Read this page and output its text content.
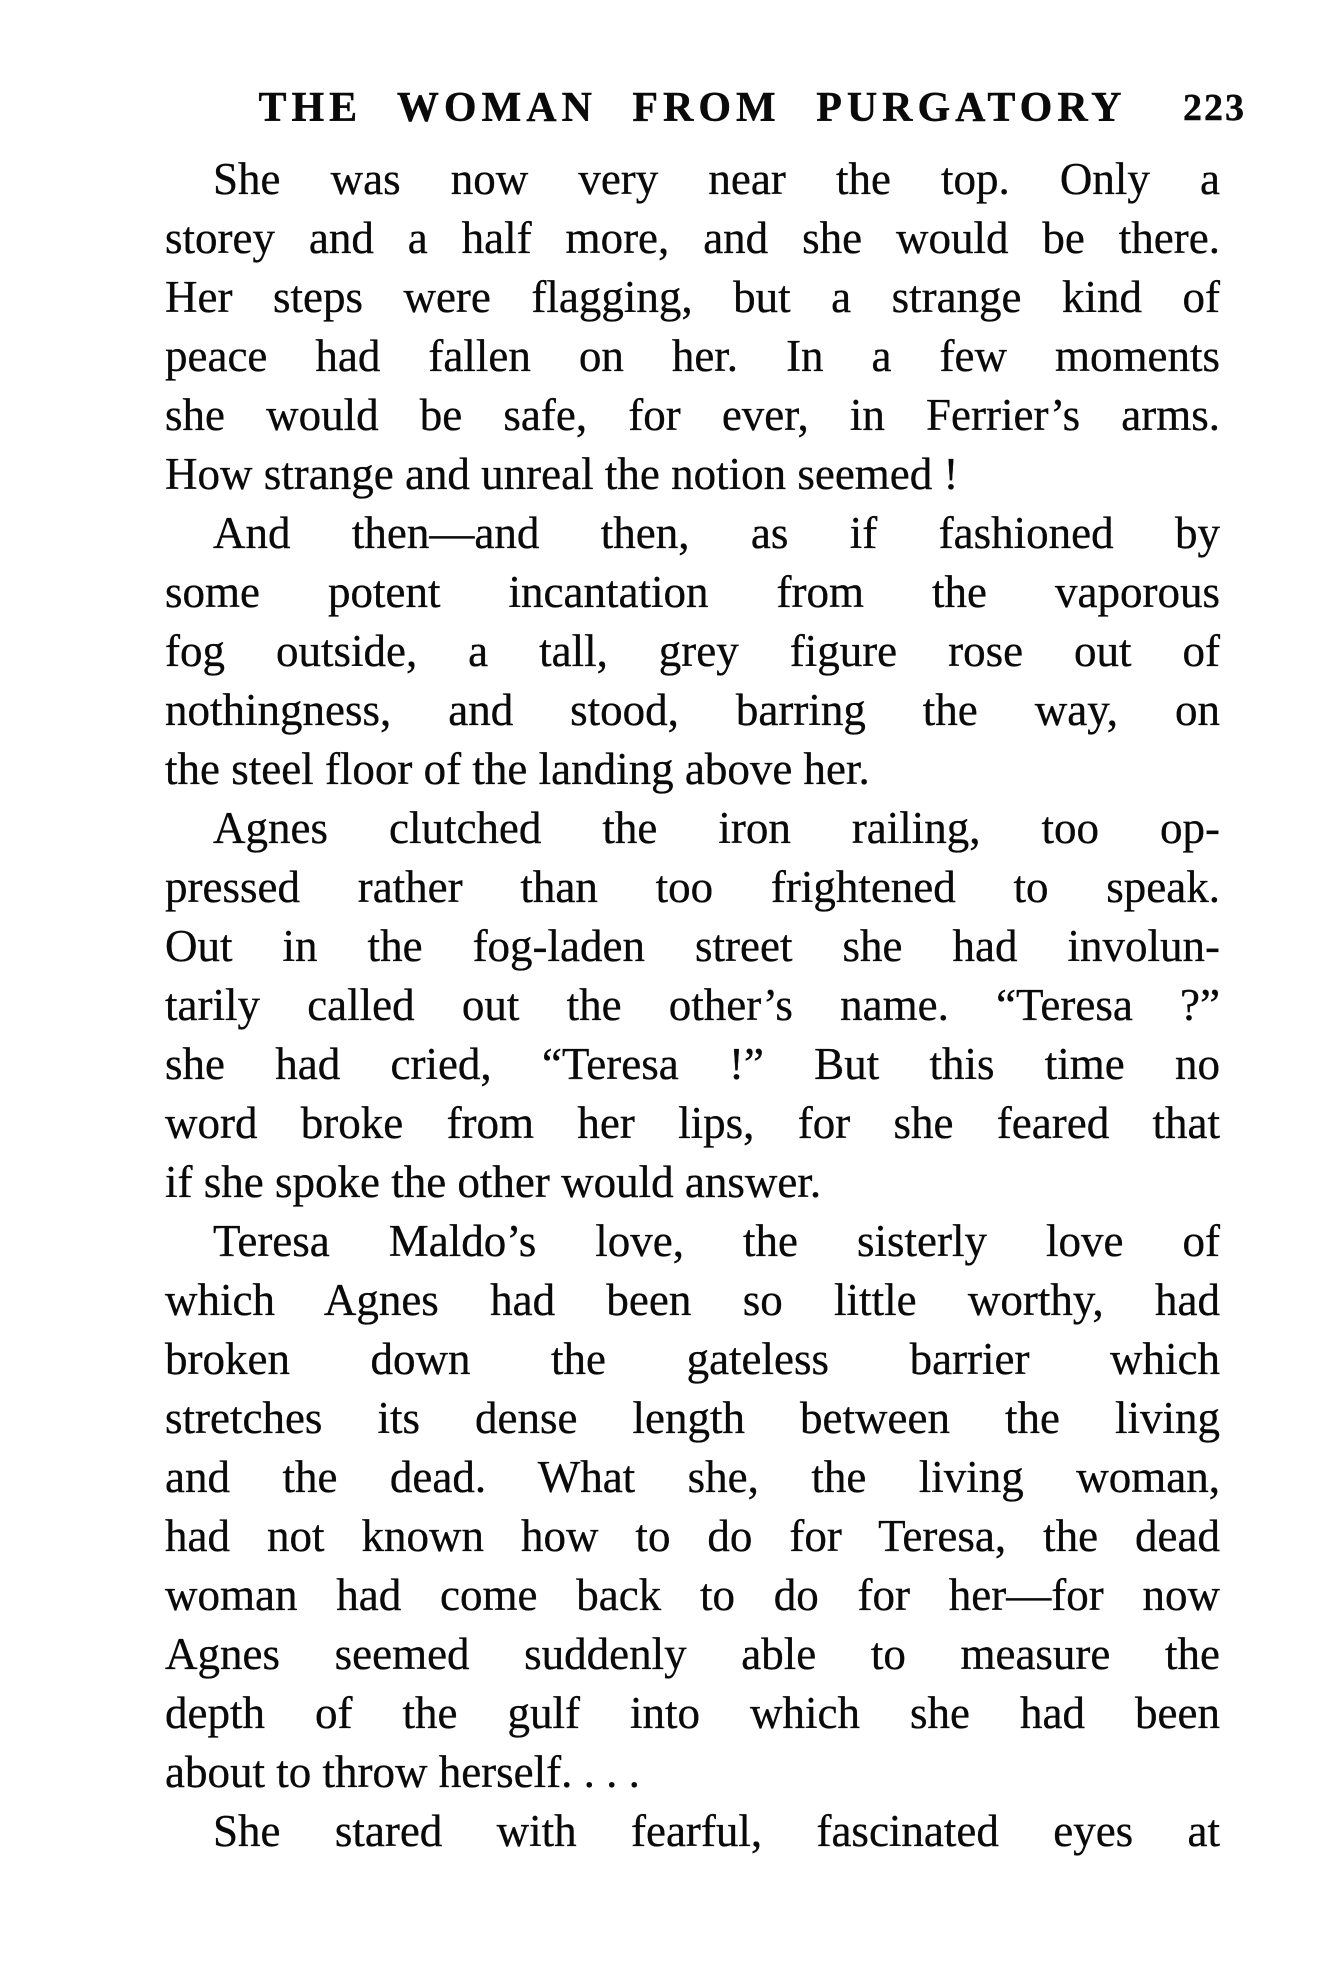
THE WOMAN FROM PURGATORY 223
She was now very near the top. Only a
storey and a half more, and she would be there.
Her steps were flagging, but a strange kind of
peace had fallen on her. In a few moments
she would be safe, for ever, in Ferrier’s arms.
How strange and unreal the notion seemed !
And then—and then, as if fashioned by
some potent incantation from the vaporous
fog outside, a tall, grey figure rose out of
nothingness, and stood, barring the way, on
the steel floor of the landing above her.
Agnes clutched the iron railing, too op-
pressed rather than too frightened to speak.
Out in the fog-laden street she had involun-
tarily called out the other’s name. “Teresa ?”
she had cried, “Teresa !” But this time no
word broke from her lips, for she feared that
if she spoke the other would answer.
Teresa Maldo’s love, the sisterly love of
which Agnes had been so little worthy, had
broken down the gateless barrier which
stretches its dense length between the living
and the dead. What she, the living woman,
had not known how to do for Teresa, the dead
woman had come back to do for her—for now
Agnes seemed suddenly able to measure the
depth of the gulf into which she had been
about to throw herself. . . .
She stared with fearful, fascinated eyes at
